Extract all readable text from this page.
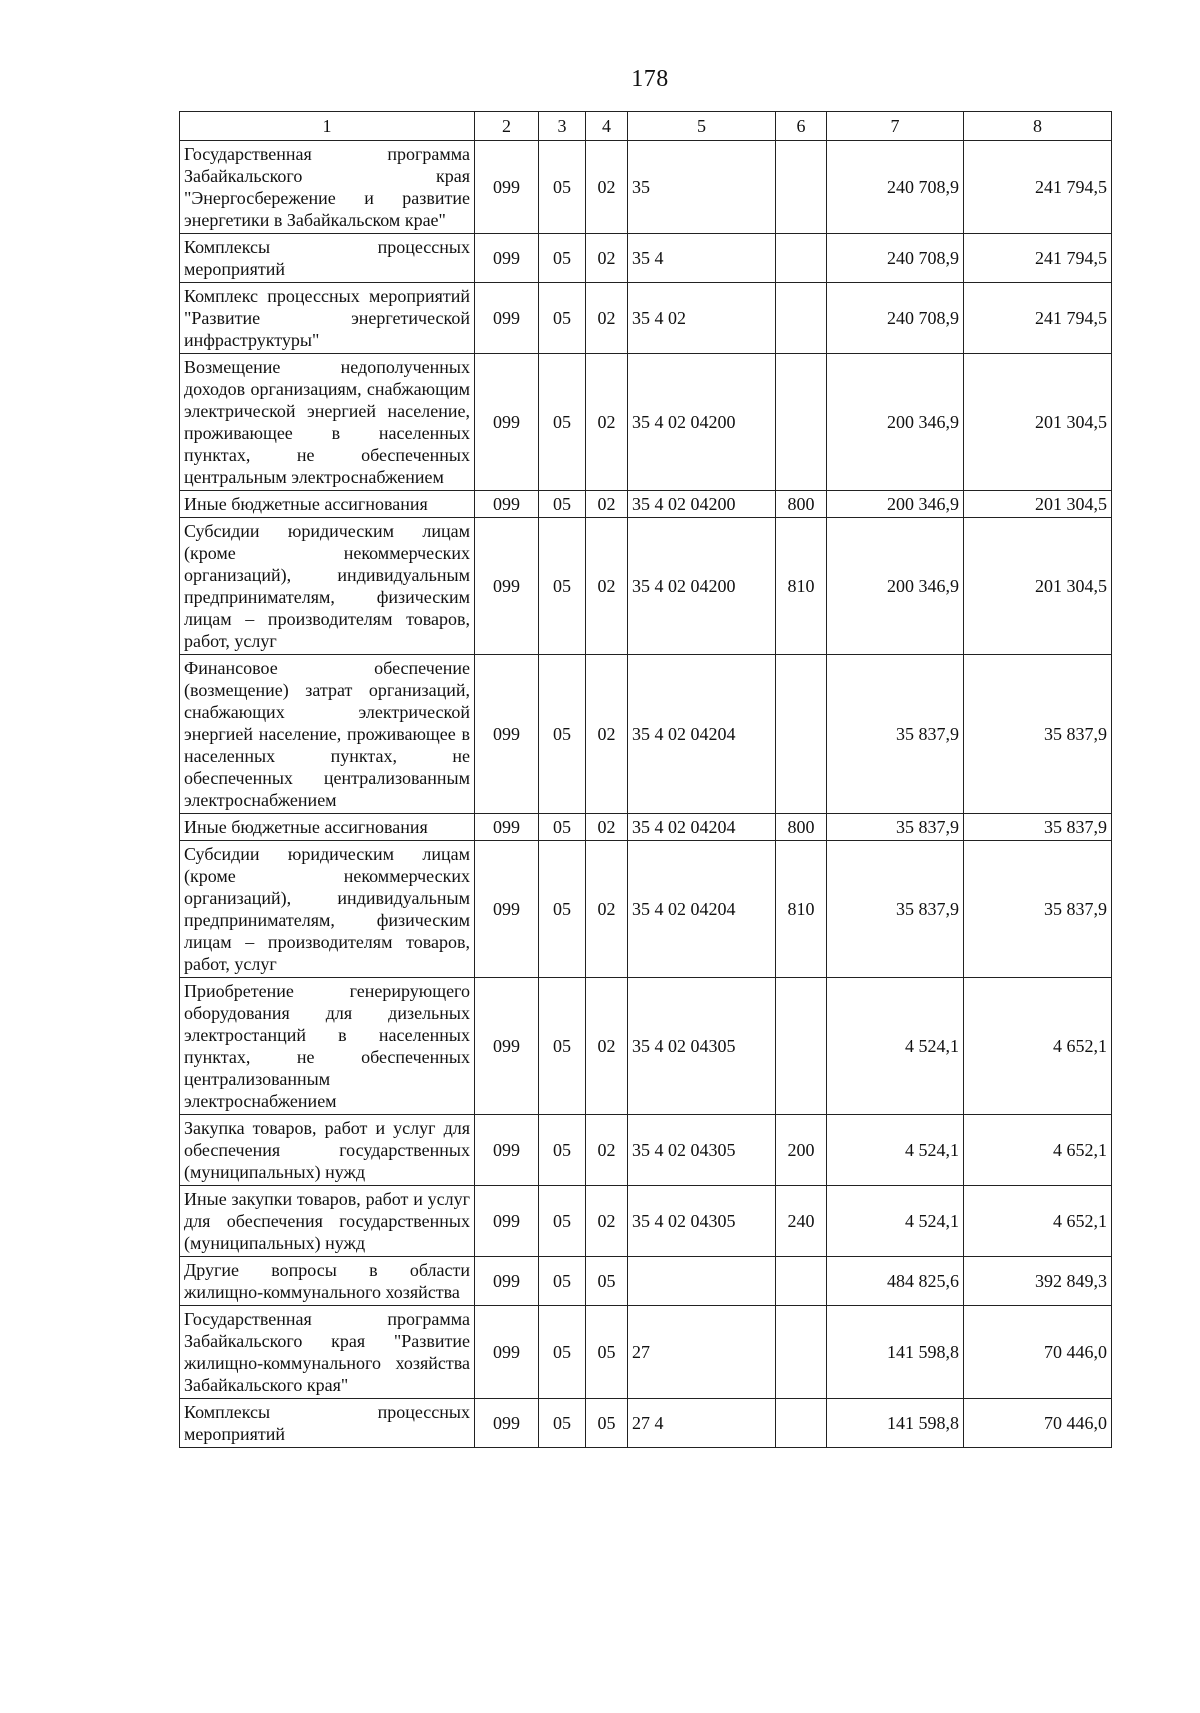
178
1	2	3	4	5	6	7	8
Государственная программа Забайкальского края "Энергосбережение и развитие энергетики в Забайкальском крае"	099	05	02	35		240 708,9	241 794,5
Комплексы процессных мероприятий	099	05	02	35 4		240 708,9	241 794,5
Комплекс процессных мероприятий "Развитие энергетической инфраструктуры"	099	05	02	35 4 02		240 708,9	241 794,5
Возмещение недополученных доходов организациям, снабжающим электрической энергией население, проживающее в населенных пунктах, не обеспеченных центральным электроснабжением	099	05	02	35 4 02 04200		200 346,9	201 304,5
Иные бюджетные ассигнования	099	05	02	35 4 02 04200	800	200 346,9	201 304,5
Субсидии юридическим лицам (кроме некоммерческих организаций), индивидуальным предпринимателям, физическим лицам – производителям товаров, работ, услуг	099	05	02	35 4 02 04200	810	200 346,9	201 304,5
Финансовое обеспечение (возмещение) затрат организаций, снабжающих электрической энергией население, проживающее в населенных пунктах, не обеспеченных централизованным электроснабжением	099	05	02	35 4 02 04204		35 837,9	35 837,9
Иные бюджетные ассигнования	099	05	02	35 4 02 04204	800	35 837,9	35 837,9
Субсидии юридическим лицам (кроме некоммерческих организаций), индивидуальным предпринимателям, физическим лицам – производителям товаров, работ, услуг	099	05	02	35 4 02 04204	810	35 837,9	35 837,9
Приобретение генерирующего оборудования для дизельных электростанций в населенных пунктах, не обеспеченных централизованным электроснабжением	099	05	02	35 4 02 04305		4 524,1	4 652,1
Закупка товаров, работ и услуг для обеспечения государственных (муниципальных) нужд	099	05	02	35 4 02 04305	200	4 524,1	4 652,1
Иные закупки товаров, работ и услуг для обеспечения государственных (муниципальных) нужд	099	05	02	35 4 02 04305	240	4 524,1	4 652,1
Другие вопросы в области жилищно-коммунального хозяйства	099	05	05			484 825,6	392 849,3
Государственная программа Забайкальского края "Развитие жилищно-коммунального хозяйства Забайкальского края"	099	05	05	27		141 598,8	70 446,0
Комплексы процессных мероприятий	099	05	05	27 4		141 598,8	70 446,0
